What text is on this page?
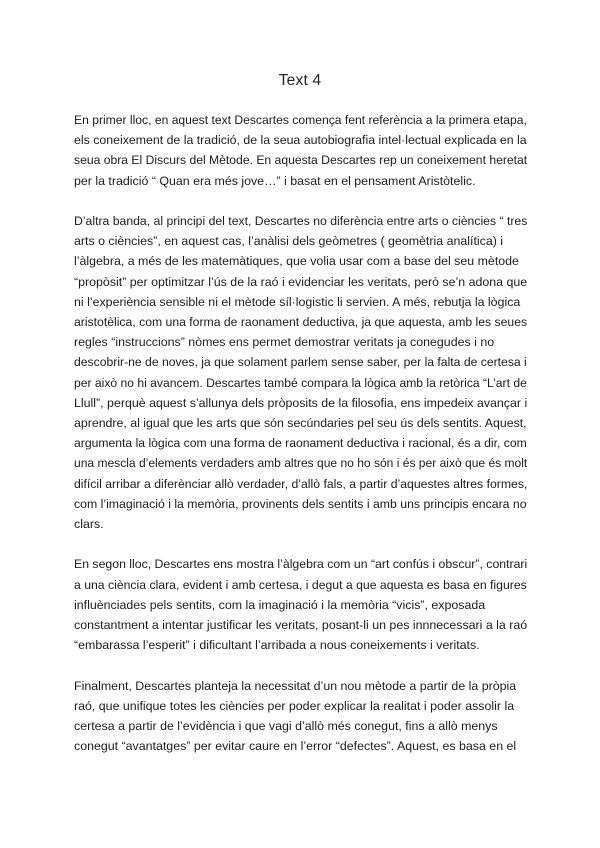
Text 4

En primer lloc, en aquest text Descartes comença fent referència a la primera etapa,
els coneixement de la tradició, de la seua autobiografia intel·lectual explicada en la
seua obra El Discurs del Mètode. En aquesta Descartes rep un coneixement heretat
per la tradició “ Quan era més jove…” i basat en el pensament Aristòtelic.

D’altra banda, al principi del text, Descartes no diferència entre arts o ciències “ tres
arts o ciències”, en aquest cas, l’anàlisi dels geòmetres ( geomètria analítica) i
l’àlgebra, a més de les matemàtiques, que volia usar com a base del seu mètode
“propòsit” per optimitzar l’ús de la raó i evidenciar les veritats, però se’n adona que
ni l’experiència sensible ni el mètode síl·logistic li servien. A més, rebutja la lògica
aristotèlica, com una forma de raonament deductiva, ja que aquesta, amb les seues
regles “instruccions” nòmes ens permet demostrar veritats ja conegudes i no
descobrir-ne de noves, ja que solament parlem sense saber, per la falta de certesa i
per això no hi avancem. Descartes també compara la lògica amb la retòrica “L’art de
Llull”, perquè aquest s’allunya dels pròposits de la filosofia, ens impedeix avançar i
aprendre, al igual que les arts que són secúndaries pel seu ús dels sentits. Aquest,
argumenta la lògica com una forma de raonament deductiva i racional, és a dir, com
una mescla d’elements verdaders amb altres que no ho són i és per això que és molt
difícil arribar a diferènciar allò verdader, d’allò fals, a partir d’aquestes altres formes,
com l’imaginació i la memòria, provinents dels sentits i amb uns principis encara no
clars.

En segon lloc, Descartes ens mostra l’àlgebra com un “art confús i obscur”, contrari
a una ciència clara, evident i amb certesa, i degut a que aquesta es basa en figures
influènciades pels sentits, com la imaginació i la memòria “vicis”, exposada
constantment a intentar justificar les veritats, posant-li un pes innnecessari a la raó
“embarassa l’esperit” i dificultant l’arribada a nous coneixements i veritats.

Finalment, Descartes planteja la necessitat d’un nou mètode a partir de la pròpia
raó, que unifique totes les ciències per poder explicar la realitat i poder assolir la
certesa a partir de l’evidència i que vagi d’allò més conegut, fins a allò menys
conegut “avantatges” per evitar caure en l’error “defectes”. Aquest, es basa en el
